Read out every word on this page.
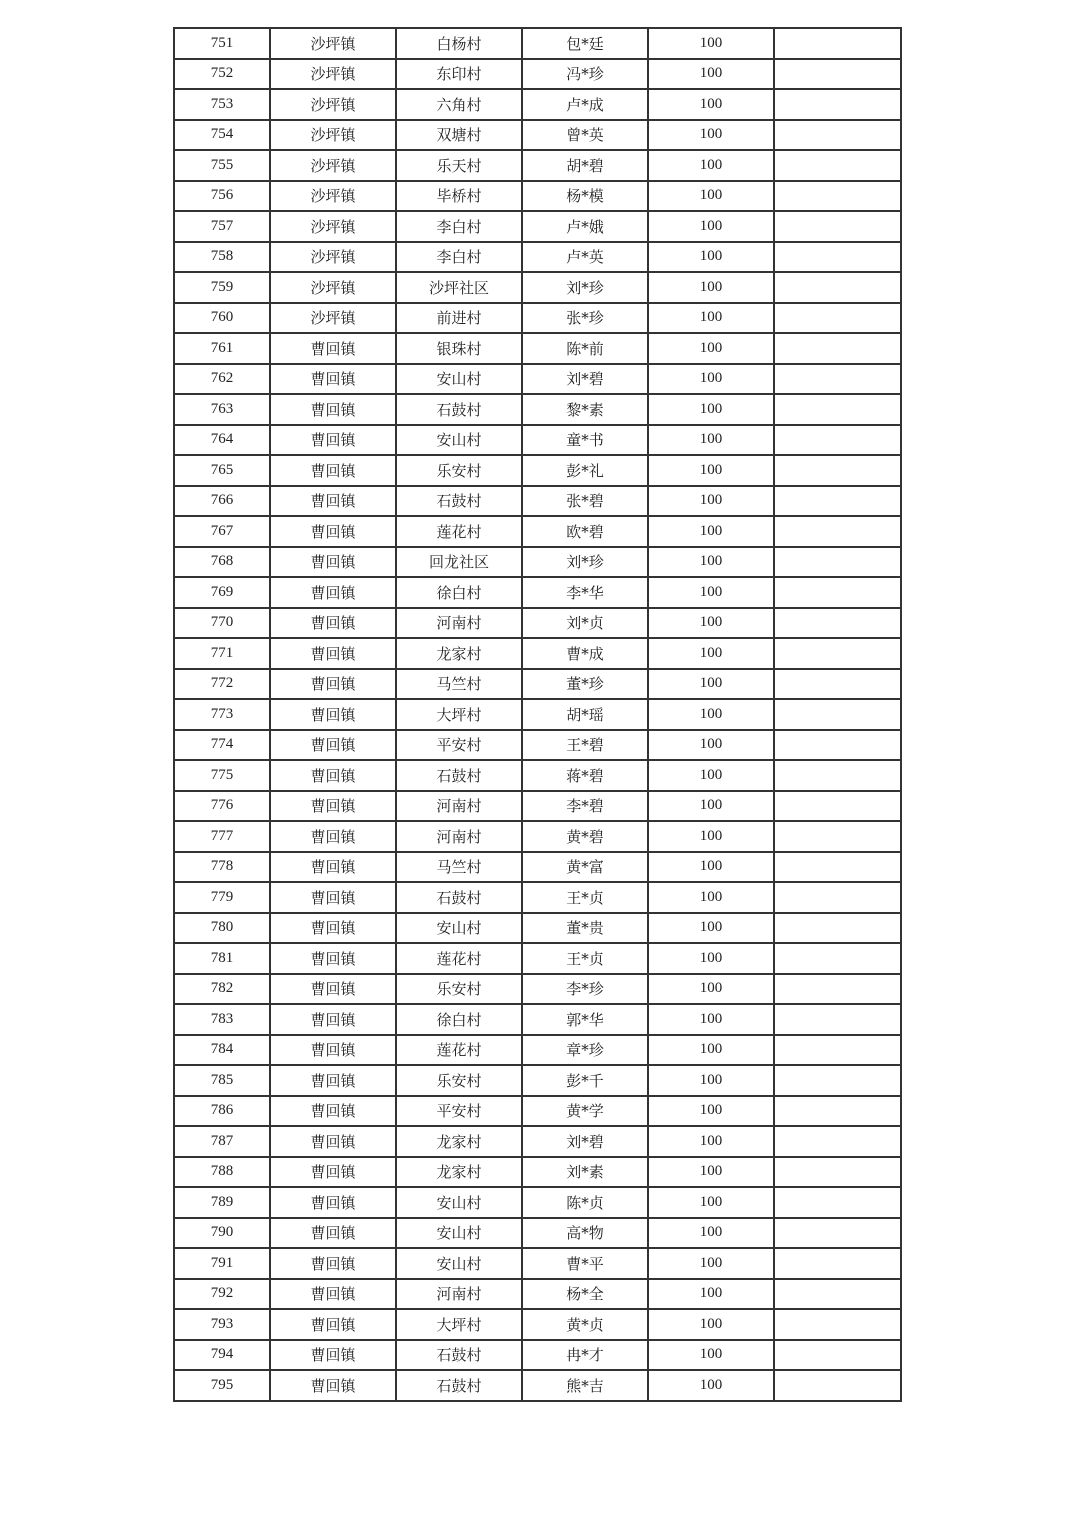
751	沙坪镇	白杨村	包*廷	100	
752	沙坪镇	东印村	冯*珍	100	
753	沙坪镇	六角村	卢*成	100	
754	沙坪镇	双塘村	曾*英	100	
755	沙坪镇	乐天村	胡*碧	100	
756	沙坪镇	毕桥村	杨*模	100	
757	沙坪镇	李白村	卢*娥	100	
758	沙坪镇	李白村	卢*英	100	
759	沙坪镇	沙坪社区	刘*珍	100	
760	沙坪镇	前进村	张*珍	100	
761	曹回镇	银珠村	陈*前	100	
762	曹回镇	安山村	刘*碧	100	
763	曹回镇	石鼓村	黎*素	100	
764	曹回镇	安山村	童*书	100	
765	曹回镇	乐安村	彭*礼	100	
766	曹回镇	石鼓村	张*碧	100	
767	曹回镇	莲花村	欧*碧	100	
768	曹回镇	回龙社区	刘*珍	100	
769	曹回镇	徐白村	李*华	100	
770	曹回镇	河南村	刘*贞	100	
771	曹回镇	龙家村	曹*成	100	
772	曹回镇	马竺村	董*珍	100	
773	曹回镇	大坪村	胡*瑶	100	
774	曹回镇	平安村	王*碧	100	
775	曹回镇	石鼓村	蒋*碧	100	
776	曹回镇	河南村	李*碧	100	
777	曹回镇	河南村	黄*碧	100	
778	曹回镇	马竺村	黄*富	100	
779	曹回镇	石鼓村	王*贞	100	
780	曹回镇	安山村	董*贵	100	
781	曹回镇	莲花村	王*贞	100	
782	曹回镇	乐安村	李*珍	100	
783	曹回镇	徐白村	郭*华	100	
784	曹回镇	莲花村	章*珍	100	
785	曹回镇	乐安村	彭*千	100	
786	曹回镇	平安村	黄*学	100	
787	曹回镇	龙家村	刘*碧	100	
788	曹回镇	龙家村	刘*素	100	
789	曹回镇	安山村	陈*贞	100	
790	曹回镇	安山村	高*物	100	
791	曹回镇	安山村	曹*平	100	
792	曹回镇	河南村	杨*全	100	
793	曹回镇	大坪村	黄*贞	100	
794	曹回镇	石鼓村	冉*才	100	
795	曹回镇	石鼓村	熊*吉	100	
